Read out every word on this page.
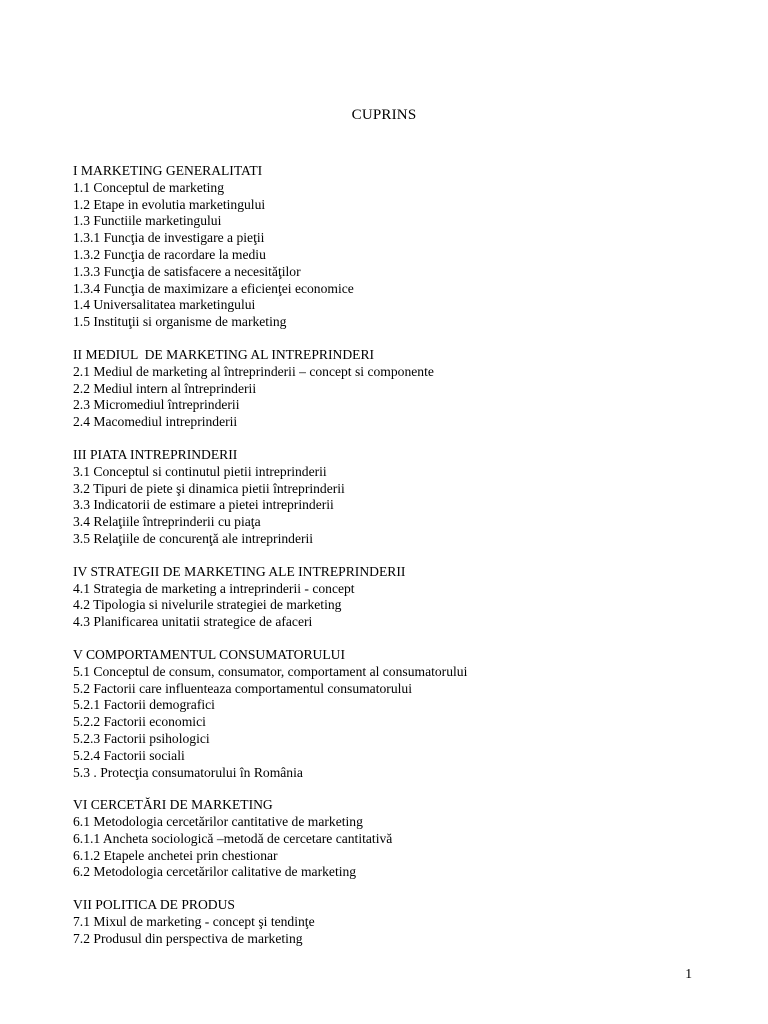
CUPRINS
I MARKETING GENERALITATI
1.1 Conceptul de marketing
1.2 Etape in evolutia marketingului
1.3 Functiile marketingului
1.3.1 Funcţia de investigare a pieţii
1.3.2 Funcţia de racordare la mediu
1.3.3 Funcţia de satisfacere a necesităţilor
1.3.4 Funcţia de maximizare a eficienţei economice
1.4 Universalitatea marketingului
1.5 Instituţii si organisme de marketing
II MEDIUL  DE MARKETING AL INTREPRINDERI
2.1 Mediul de marketing al întreprinderii – concept si componente
2.2 Mediul intern al întreprinderii
2.3 Micromediul întreprinderii
2.4 Macomediul intreprinderii
III PIATA INTREPRINDERII
3.1 Conceptul si continutul pietii intreprinderii
3.2 Tipuri de piete şi dinamica pietii întreprinderii
3.3 Indicatorii de estimare a pietei intreprinderii
3.4 Relaţiile întreprinderii cu piaţa
3.5 Relaţiile de concurenţă ale intreprinderii
IV STRATEGII DE MARKETING ALE INTREPRINDERII
4.1 Strategia de marketing a intreprinderii - concept
4.2 Tipologia si nivelurile strategiei de marketing
4.3 Planificarea unitatii strategice de afaceri
V COMPORTAMENTUL CONSUMATORULUI
5.1 Conceptul de consum, consumator, comportament al consumatorului
5.2 Factorii care influenteaza comportamentul consumatorului
5.2.1 Factorii demografici
5.2.2 Factorii economici
5.2.3 Factorii psihologici
5.2.4 Factorii sociali
5.3 . Protecţia consumatorului în România
VI CERCETĂRI DE MARKETING
6.1 Metodologia cercetărilor cantitative de marketing
6.1.1 Ancheta sociologică –metodă de cercetare cantitativă
6.1.2 Etapele anchetei prin chestionar
6.2 Metodologia cercetărilor calitative de marketing
VII POLITICA DE PRODUS
7.1 Mixul de marketing - concept şi tendinţe
7.2 Produsul din perspectiva de marketing
1
